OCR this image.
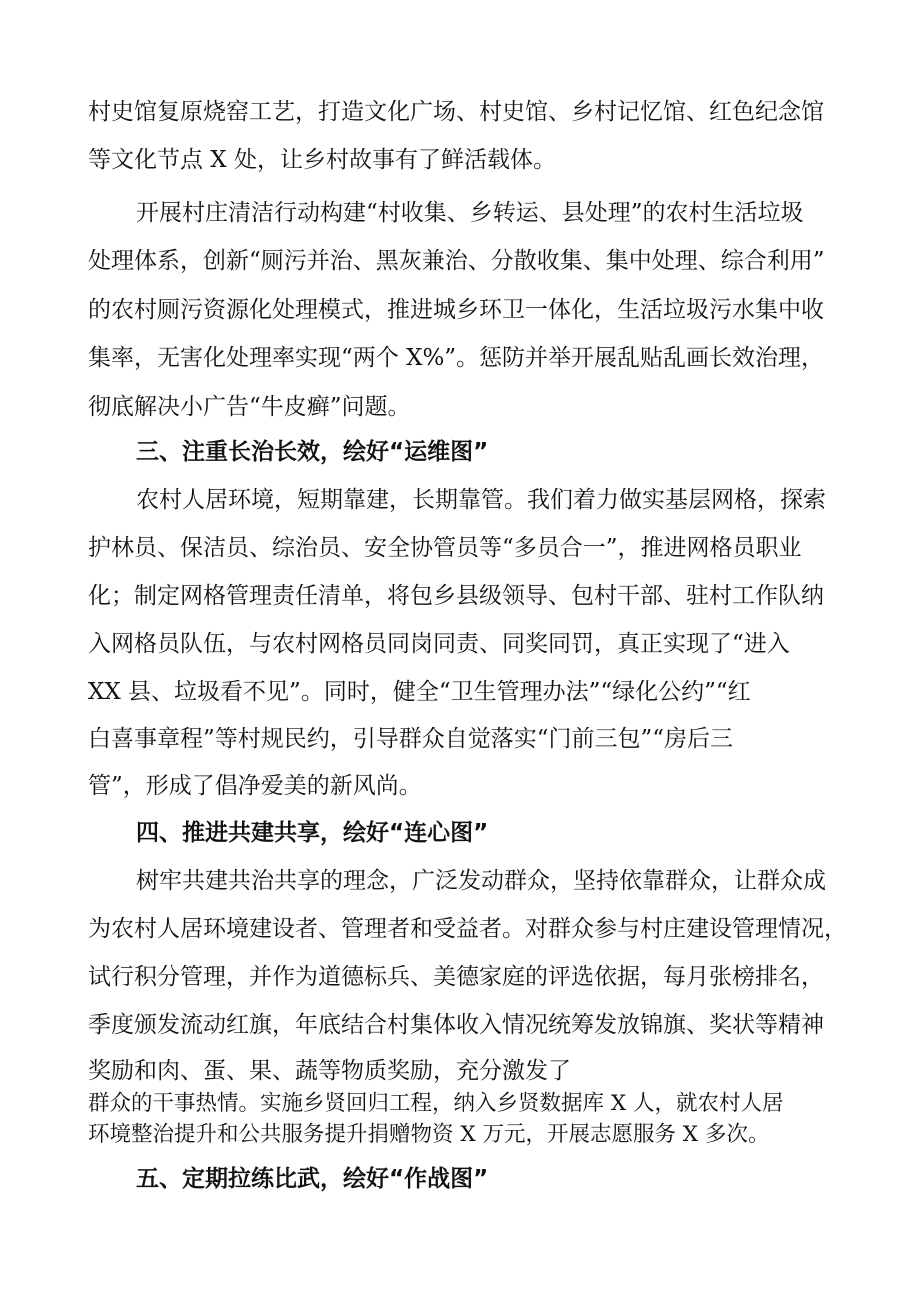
村史馆复原烧窑工艺，打造文化广场、村史馆、乡村记忆馆、红色纪念馆
等文化节点 X 处，让乡村故事有了鲜活载体。
开展村庄清洁行动构建“村收集、乡转运、县处理”的农村生活垃圾
处理体系，创新“厕污并治、黑灰兼治、分散收集、集中处理、综合利用”
的农村厕污资源化处理模式，推进城乡环卫一体化，生活垃圾污水集中收
集率，无害化处理率实现“两个 X%”。惩防并举开展乱贴乱画长效治理，
彻底解决小广告“牛皮癣”问题。
三、注重长治长效，绘好“运维图”
农村人居环境，短期靠建，长期靠管。我们着力做实基层网格，探索
护林员、保洁员、综治员、安全协管员等“多员合一”，推进网格员职业
化；制定网格管理责任清单，将包乡县级领导、包村干部、驻村工作队纳
入网格员队伍，与农村网格员同岗同责、同奖同罚，真正实现了“进入
XX 县、垃圾看不见”。同时，健全“卫生管理办法”“绿化公约”“红
白喜事章程”等村规民约，引导群众自觉落实“门前三包”“房后三
管”，形成了倡净爱美的新风尚。
四、推进共建共享，绘好“连心图”
树牢共建共治共享的理念，广泛发动群众，坚持依靠群众，让群众成
为农村人居环境建设者、管理者和受益者。对群众参与村庄建设管理情况，
试行积分管理，并作为道德标兵、美德家庭的评选依据，每月张榜排名，
季度颁发流动红旗，年底结合村集体收入情况统筹发放锦旗、奖状等精神
奖励和肉、蛋、果、蔬等物质奖励，充分激发了
群众的干事热情。实施乡贤回归工程，纳入乡贤数据库 X 人，就农村人居
环境整治提升和公共服务提升捐赠物资 X 万元，开展志愿服务 X 多次。
五、定期拉练比武，绘好“作战图”
